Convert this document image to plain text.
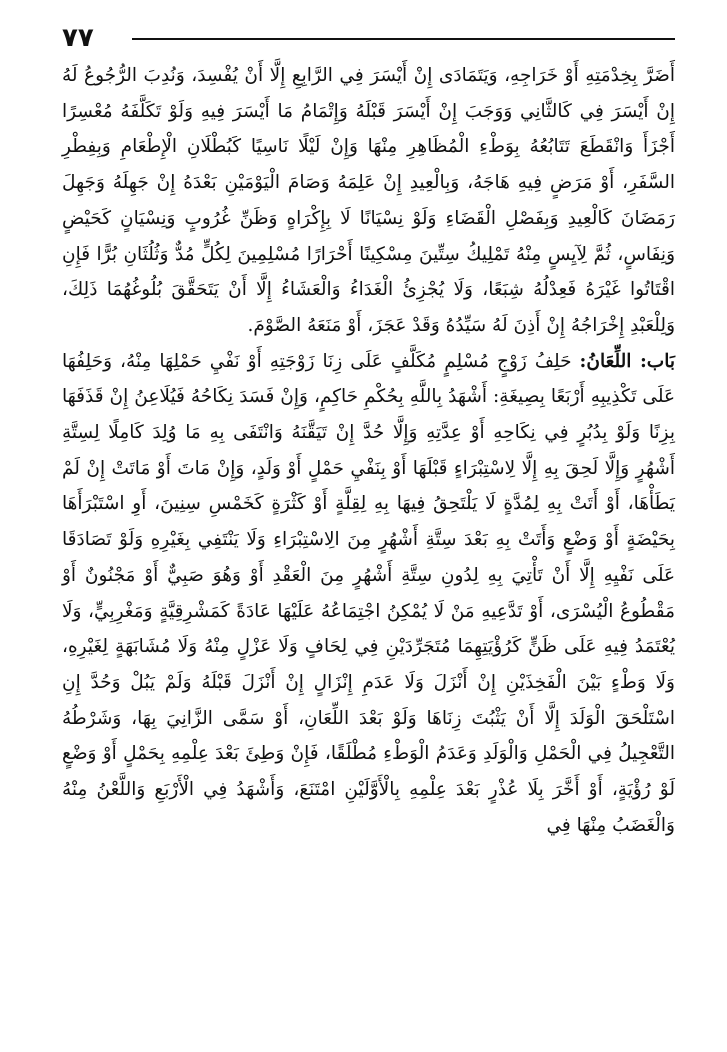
٧٧

أَضَرَّ بِخِدْمَتِهِ أَوْ خَرَاجِهِ، وَيَتَمَادَى إِنْ أَيْسَرَ فِي الرَّابِعِ إِلَّا أَنْ يُفْسِدَ، وَنُدِبَ الرُّجُوعُ لَهُ إِنْ أَيْسَرَ فِي كَالثَّانِي وَوَجَبَ إِنْ أَيْسَرَ قَبْلَهُ وَإِتْمَامُ مَا أَيْسَرَ فِيهِ وَلَوْ تَكَلَّفَهُ مُعْسِرًا أَجْزَأَ وَانْقَطَعَ تَتَابُعُهُ بِوَطْءِ الْمُظَاهِرِ مِنْهَا وَإِنْ لَيْلًا نَاسِيًا كَبُطْلَانِ الْإِطْعَامِ وَبِفِطْرِ السَّفَرِ، أَوْ مَرَضٍ فِيهِ هَاجَهُ، وَبِالْعِيدِ إِنْ عَلِمَهُ وَصَامَ الْيَوْمَيْنِ بَعْدَهُ إِنْ جَهِلَهُ وَجَهِلَ رَمَضَانَ كَالْعِيدِ وَبِفَصْلِ الْقَضَاءِ وَلَوْ نِسْيَانًا لَا بِإِكْرَاهٍ وَظَنِّ غُرُوبٍ وَنِسْيَانٍ كَحَيْضٍ وَنِفَاسٍ، ثُمَّ لِآيِسٍ مِنْهُ تَمْلِيكُ سِتِّينَ مِسْكِينًا أَحْرَارًا مُسْلِمِينَ لِكُلٍّ مُدٌّ وَثُلُثَانِ بُرًّا فَإِنِ اقْتَاتُوا غَيْرَهُ فَعِدْلُهُ شِبَعًا، وَلَا يُجْزِئُ الْغَدَاءُ وَالْعَشَاءُ إِلَّا أَنْ يَتَحَقَّقَ بُلُوغُهُمَا ذَلِكَ، وَلِلْعَبْدِ إِخْرَاجُهُ إِنْ أَذِنَ لَهُ سَيِّدُهُ وَقَدْ عَجَزَ، أَوْ مَنَعَهُ الصَّوْمَ.

بَاب: اللِّعَانُ: حَلِفُ زَوْجٍ مُسْلِمٍ مُكَلَّفٍ عَلَى زِنَا زَوْجَتِهِ أَوْ نَفْيِ حَمْلِهَا مِنْهُ، وَحَلِفُهَا عَلَى تَكْذِيبِهِ أَرْبَعًا بِصِيغَةِ: أَشْهَدُ بِاللَّهِ بِحُكْمِ حَاكِمٍ، وَإِنْ فَسَدَ نِكَاحُهُ فَيُلَاعِنُ إِنْ قَذَفَهَا بِزِنًا وَلَوْ بِدُبُرٍ فِي نِكَاحِهِ أَوْ عِدَّتِهِ وَإِلَّا حُدَّ إِنْ تَيَقَّنَهُ وَانْتَفَى بِهِ مَا وُلِدَ كَامِلًا لِسِتَّةِ أَشْهُرٍ وَإِلَّا لَحِقَ بِهِ إِلَّا لِاسْتِبْرَاءٍ قَبْلَهَا أَوْ بِنَفْيِ حَمْلٍ أَوْ وَلَدٍ، وَإِنْ مَاتَ أَوْ مَاتَتْ إِنْ لَمْ يَطَأْهَا، أَوْ أَتَتْ بِهِ لِمُدَّةٍ لَا يَلْتَحِقُ فِيهَا بِهِ لِقِلَّةٍ أَوْ كَثْرَةٍ كَخَمْسِ سِنِينَ، أَوِ اسْتَبْرَأَهَا بِحَيْضَةٍ أَوْ وَضْعٍ وَأَتَتْ بِهِ بَعْدَ سِتَّةِ أَشْهُرٍ مِنَ الِاسْتِبْرَاءِ وَلَا يَنْتَفِي بِغَيْرِهِ وَلَوْ تَصَادَقَا عَلَى نَفْيِهِ إِلَّا أَنْ تَأْتِيَ بِهِ لِدُونِ سِتَّةِ أَشْهُرٍ مِنَ الْعَقْدِ أَوْ وَهُوَ صَبِيٌّ أَوْ مَجْنُونٌ أَوْ مَقْطُوعُ الْيُسْرَى، أَوْ تَدَّعِيهِ مَنْ لَا يُمْكِنُ اجْتِمَاعُهُ عَلَيْهَا عَادَةً كَمَشْرِقِيَّةٍ وَمَغْرِبِيٍّ، وَلَا يُعْتَمَدُ فِيهِ عَلَى ظَنٍّ كَرُؤْيَتِهِمَا مُتَجَرِّدَيْنِ فِي لِحَافٍ وَلَا عَزْلٍ مِنْهُ وَلَا مُشَابَهَةٍ لِغَيْرِهِ، وَلَا وَطْءٍ بَيْنَ الْفَخِذَيْنِ إِنْ أَنْزَلَ وَلَا عَدَمِ إِنْزَالٍ إِنْ أَنْزَلَ قَبْلَهُ وَلَمْ يَبُلْ وَحُدَّ إِنِ اسْتَلْحَقَ الْوَلَدَ إِلَّا أَنْ يَثْبُتَ زِنَاهَا وَلَوْ بَعْدَ اللِّعَانِ، أَوْ سَمَّى الزَّانِيَ بِهَا، وَشَرْطُهُ التَّعْجِيلُ فِي الْحَمْلِ وَالْوَلَدِ وَعَدَمُ الْوَطْءِ مُطْلَقًا، فَإِنْ وَطِئَ بَعْدَ عِلْمِهِ بِحَمْلٍ أَوْ وَضْعٍ لَوْ رُؤْيَةٍ، أَوْ أَخَّرَ بِلَا عُذْرٍ بَعْدَ عِلْمِهِ بِالْأَوَّلَيْنِ امْتَنَعَ، وَأَشْهَدُ فِي الْأَرْبَعِ وَاللَّعْنُ مِنْهُ وَالْغَضَبُ مِنْهَا فِي
